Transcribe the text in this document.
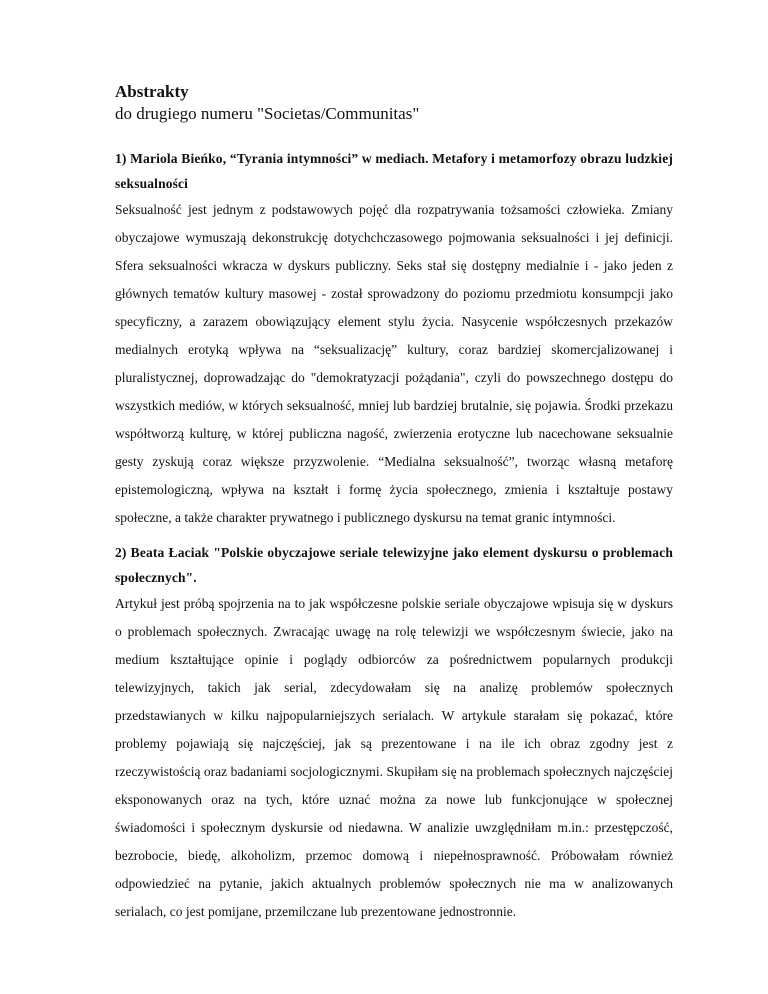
Abstrakty
do drugiego numeru "Societas/Communitas"

1) Mariola Bieńko, “Tyrania intymności” w mediach. Metafory i metamorfozy obrazu ludzkiej seksualności

Seksualność jest jednym z podstawowych pojęć dla rozpatrywania tożsamości człowieka. Zmiany obyczajowe wymuszają dekonstrukcję dotychchczasowego pojmowania seksualności i jej definicji. Sfera seksualności wkracza w dyskurs publiczny. Seks stał się dostępny medialnie i - jako jeden z głównych tematów kultury masowej - został sprowadzony do poziomu przedmiotu konsumpcji jako specyficzny, a zarazem obowiązujący element stylu życia. Nasycenie współczesnych przekazów medialnych erotyką wpływa na “seksualizację” kultury, coraz bardziej skomercjalizowanej i pluralistycznej, doprowadzając do "demokratyzacji pożądania", czyli do powszechnego dostępu do wszystkich mediów, w których seksualność, mniej lub bardziej brutalnie, się pojawia. Środki przekazu współtworzą kulturę, w której publiczna nagość, zwierzenia erotyczne lub nacechowane seksualnie gesty zyskują coraz większe przyzwolenie. “Medialna seksualność”, tworząc własną metaforę epistemologiczną, wpływa na kształt i formę życia społecznego, zmienia i kształtuje postawy społeczne, a także charakter prywatnego i publicznego dyskursu na temat granic intymności.

2) Beata Łaciak "Polskie obyczajowe seriale telewizyjne jako element dyskursu o problemach społecznych".

Artykuł jest próbą spojrzenia na to jak współczesne polskie seriale obyczajowe wpisuja się w dyskurs o problemach społecznych. Zwracając uwagę na rolę telewizji we współczesnym świecie, jako na medium kształtujące opinie i poglądy odbiorców za pośrednictwem popularnych produkcji telewizyjnych, takich jak serial, zdecydowałam się na analizę problemów społecznych przedstawianych w kilku najpopularniejszych serialach. W artykule starałam się pokazać, które problemy pojawiają się najczęściej, jak są prezentowane i na ile ich obraz zgodny jest z rzeczywistością oraz badaniami socjologicznymi. Skupiłam się na problemach społecznych najczęściej eksponowanych oraz na tych, które uznać można za nowe lub funkcjonujące w społecznej świadomości i społecznym dyskursie od niedawna. W analizie uwzględniłam m.in.: przestępczość, bezrobocie, biedę, alkoholizm, przemoc domową i niepełnosprawność. Próbowałam również odpowiedzieć na pytanie, jakich aktualnych problemów społecznych nie ma w analizowanych serialach, co jest pomijane, przemilczane lub prezentowane jednostronnie.
